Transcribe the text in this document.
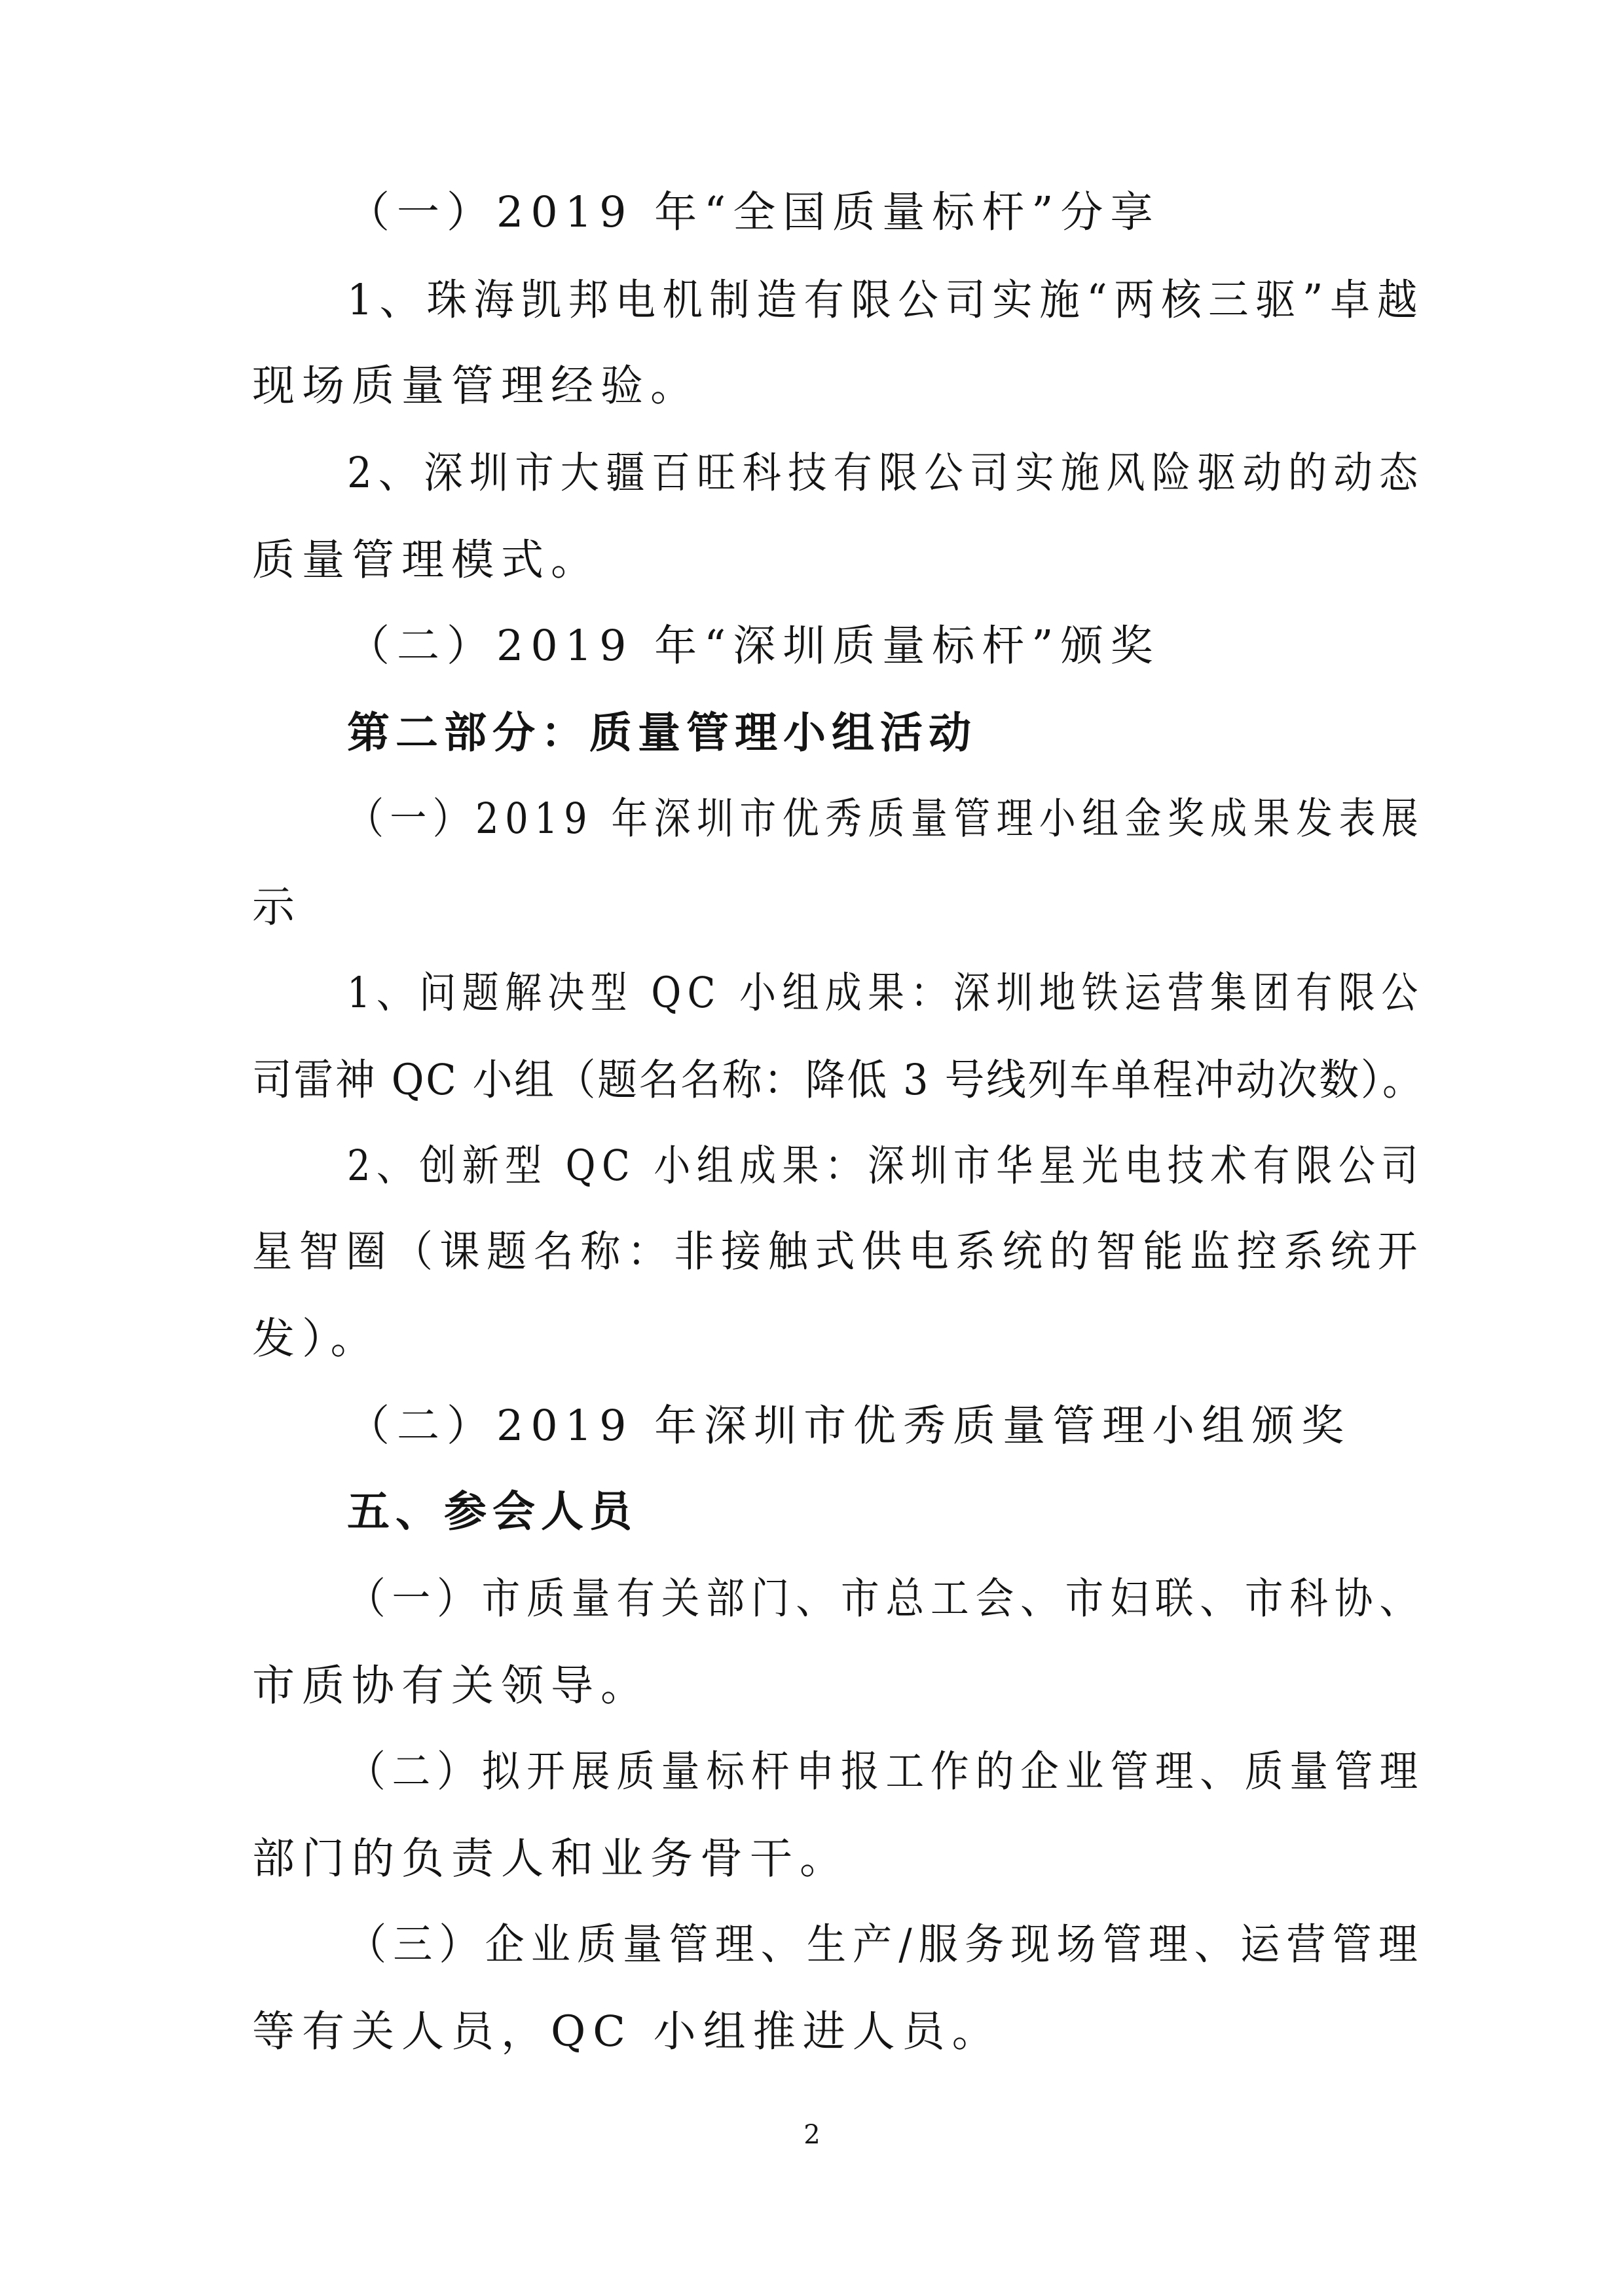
（一）2019 年“全国质量标杆”分享
1、珠海凯邦电机制造有限公司实施“两核三驱”卓越
现场质量管理经验。
2、深圳市大疆百旺科技有限公司实施风险驱动的动态
质量管理模式。
（二）2019 年“深圳质量标杆”颁奖
第二部分：质量管理小组活动
（一）2019 年深圳市优秀质量管理小组金奖成果发表展
示
1、问题解决型 QC 小组成果：深圳地铁运营集团有限公
司雷神 QC 小组（题名名称：降低 3 号线列车单程冲动次数）。
2、创新型 QC 小组成果：深圳市华星光电技术有限公司
星智圈（课题名称：非接触式供电系统的智能监控系统开
发）。
（二）2019 年深圳市优秀质量管理小组颁奖
五、参会人员
（一）市质量有关部门、市总工会、市妇联、市科协、
市质协有关领导。
（二）拟开展质量标杆申报工作的企业管理、质量管理
部门的负责人和业务骨干。
（三）企业质量管理、生产/服务现场管理、运营管理
等有关人员，QC 小组推进人员。
2
